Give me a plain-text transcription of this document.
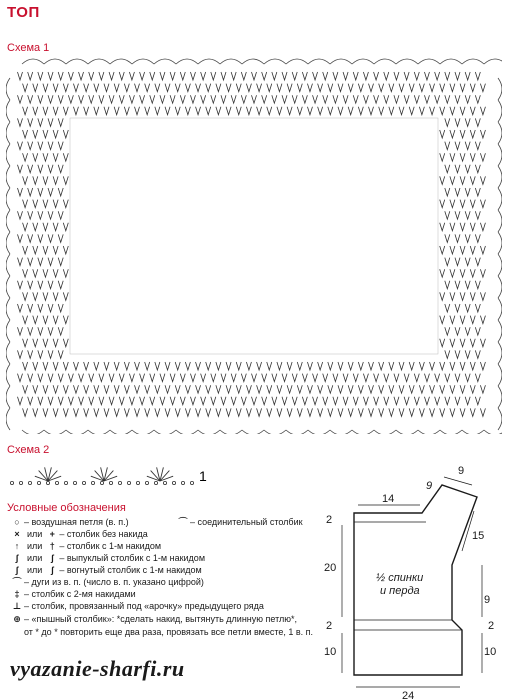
ТОП
Схема 1
Схема 2
1
Условные обозначения
○ – воздушная петля (в. п.)
× или + – столбик без накида
↑ или † – столбик с 1-м накидом
ʃ или ʃ – выпуклый столбик с 1-м накидом
ʃ или ʃ – вогнутый столбик с 1-м накидом
⌒ – дуги из в. п. (число в. п. указано цифрой)
‡ – столбик с 2-мя накидами
⊥ – столбик, провязанный под «арочку» предыдущего ряда
⊕ – «пышный столбик»: *сделать накид, вытянуть длинную петлю*,
от * до * повторить еще два раза, провязать все петли вместе, 1 в. п.
⌒ – соединительный столбик
9
9
14
15
2
20
9
2
2
10	10
24
½ спинки
и перда
vyazanie-sharfi.ru
